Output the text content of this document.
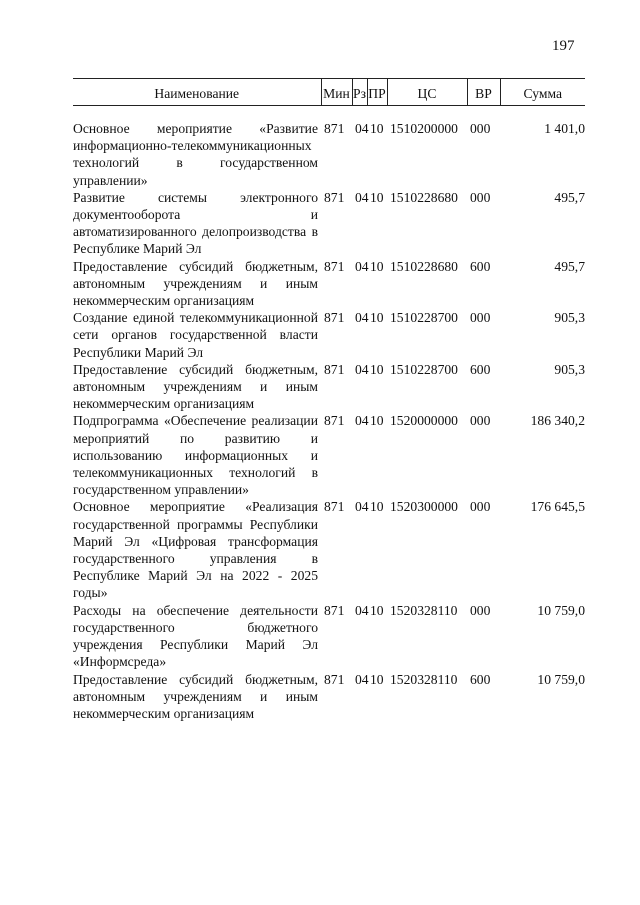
197
Наименование	Мин	Рз	ПР	ЦС	ВР	Сумма

Основное мероприятие «Развитие информационно-телекоммуникационных технологий в государственном управлении»	871	04	10	1510200000	000	1 401,0
Развитие системы электронного документооборота и автоматизированного делопроизводства в Республике Марий Эл	871	04	10	1510228680	000	495,7
Предоставление субсидий бюджетным, автономным учреждениям и иным некоммерческим организациям	871	04	10	1510228680	600	495,7
Создание единой телекоммуникационной сети органов государственной власти Республики Марий Эл	871	04	10	1510228700	000	905,3
Предоставление субсидий бюджетным, автономным учреждениям и иным некоммерческим организациям	871	04	10	1510228700	600	905,3
Подпрограмма «Обеспечение реализации мероприятий по развитию и использованию информационных и телекоммуникационных технологий в государственном управлении»	871	04	10	1520000000	000	186 340,2
Основное мероприятие «Реализация государственной программы Республики Марий Эл «Цифровая трансформация государственного управления в Республике Марий Эл на 2022 - 2025 годы»	871	04	10	1520300000	000	176 645,5
Расходы на обеспечение деятельности государственного бюджетного учреждения Республики Марий Эл «Информсреда»	871	04	10	1520328110	000	10 759,0
Предоставление субсидий бюджетным, автономным учреждениям и иным некоммерческим организациям	871	04	10	1520328110	600	10 759,0
